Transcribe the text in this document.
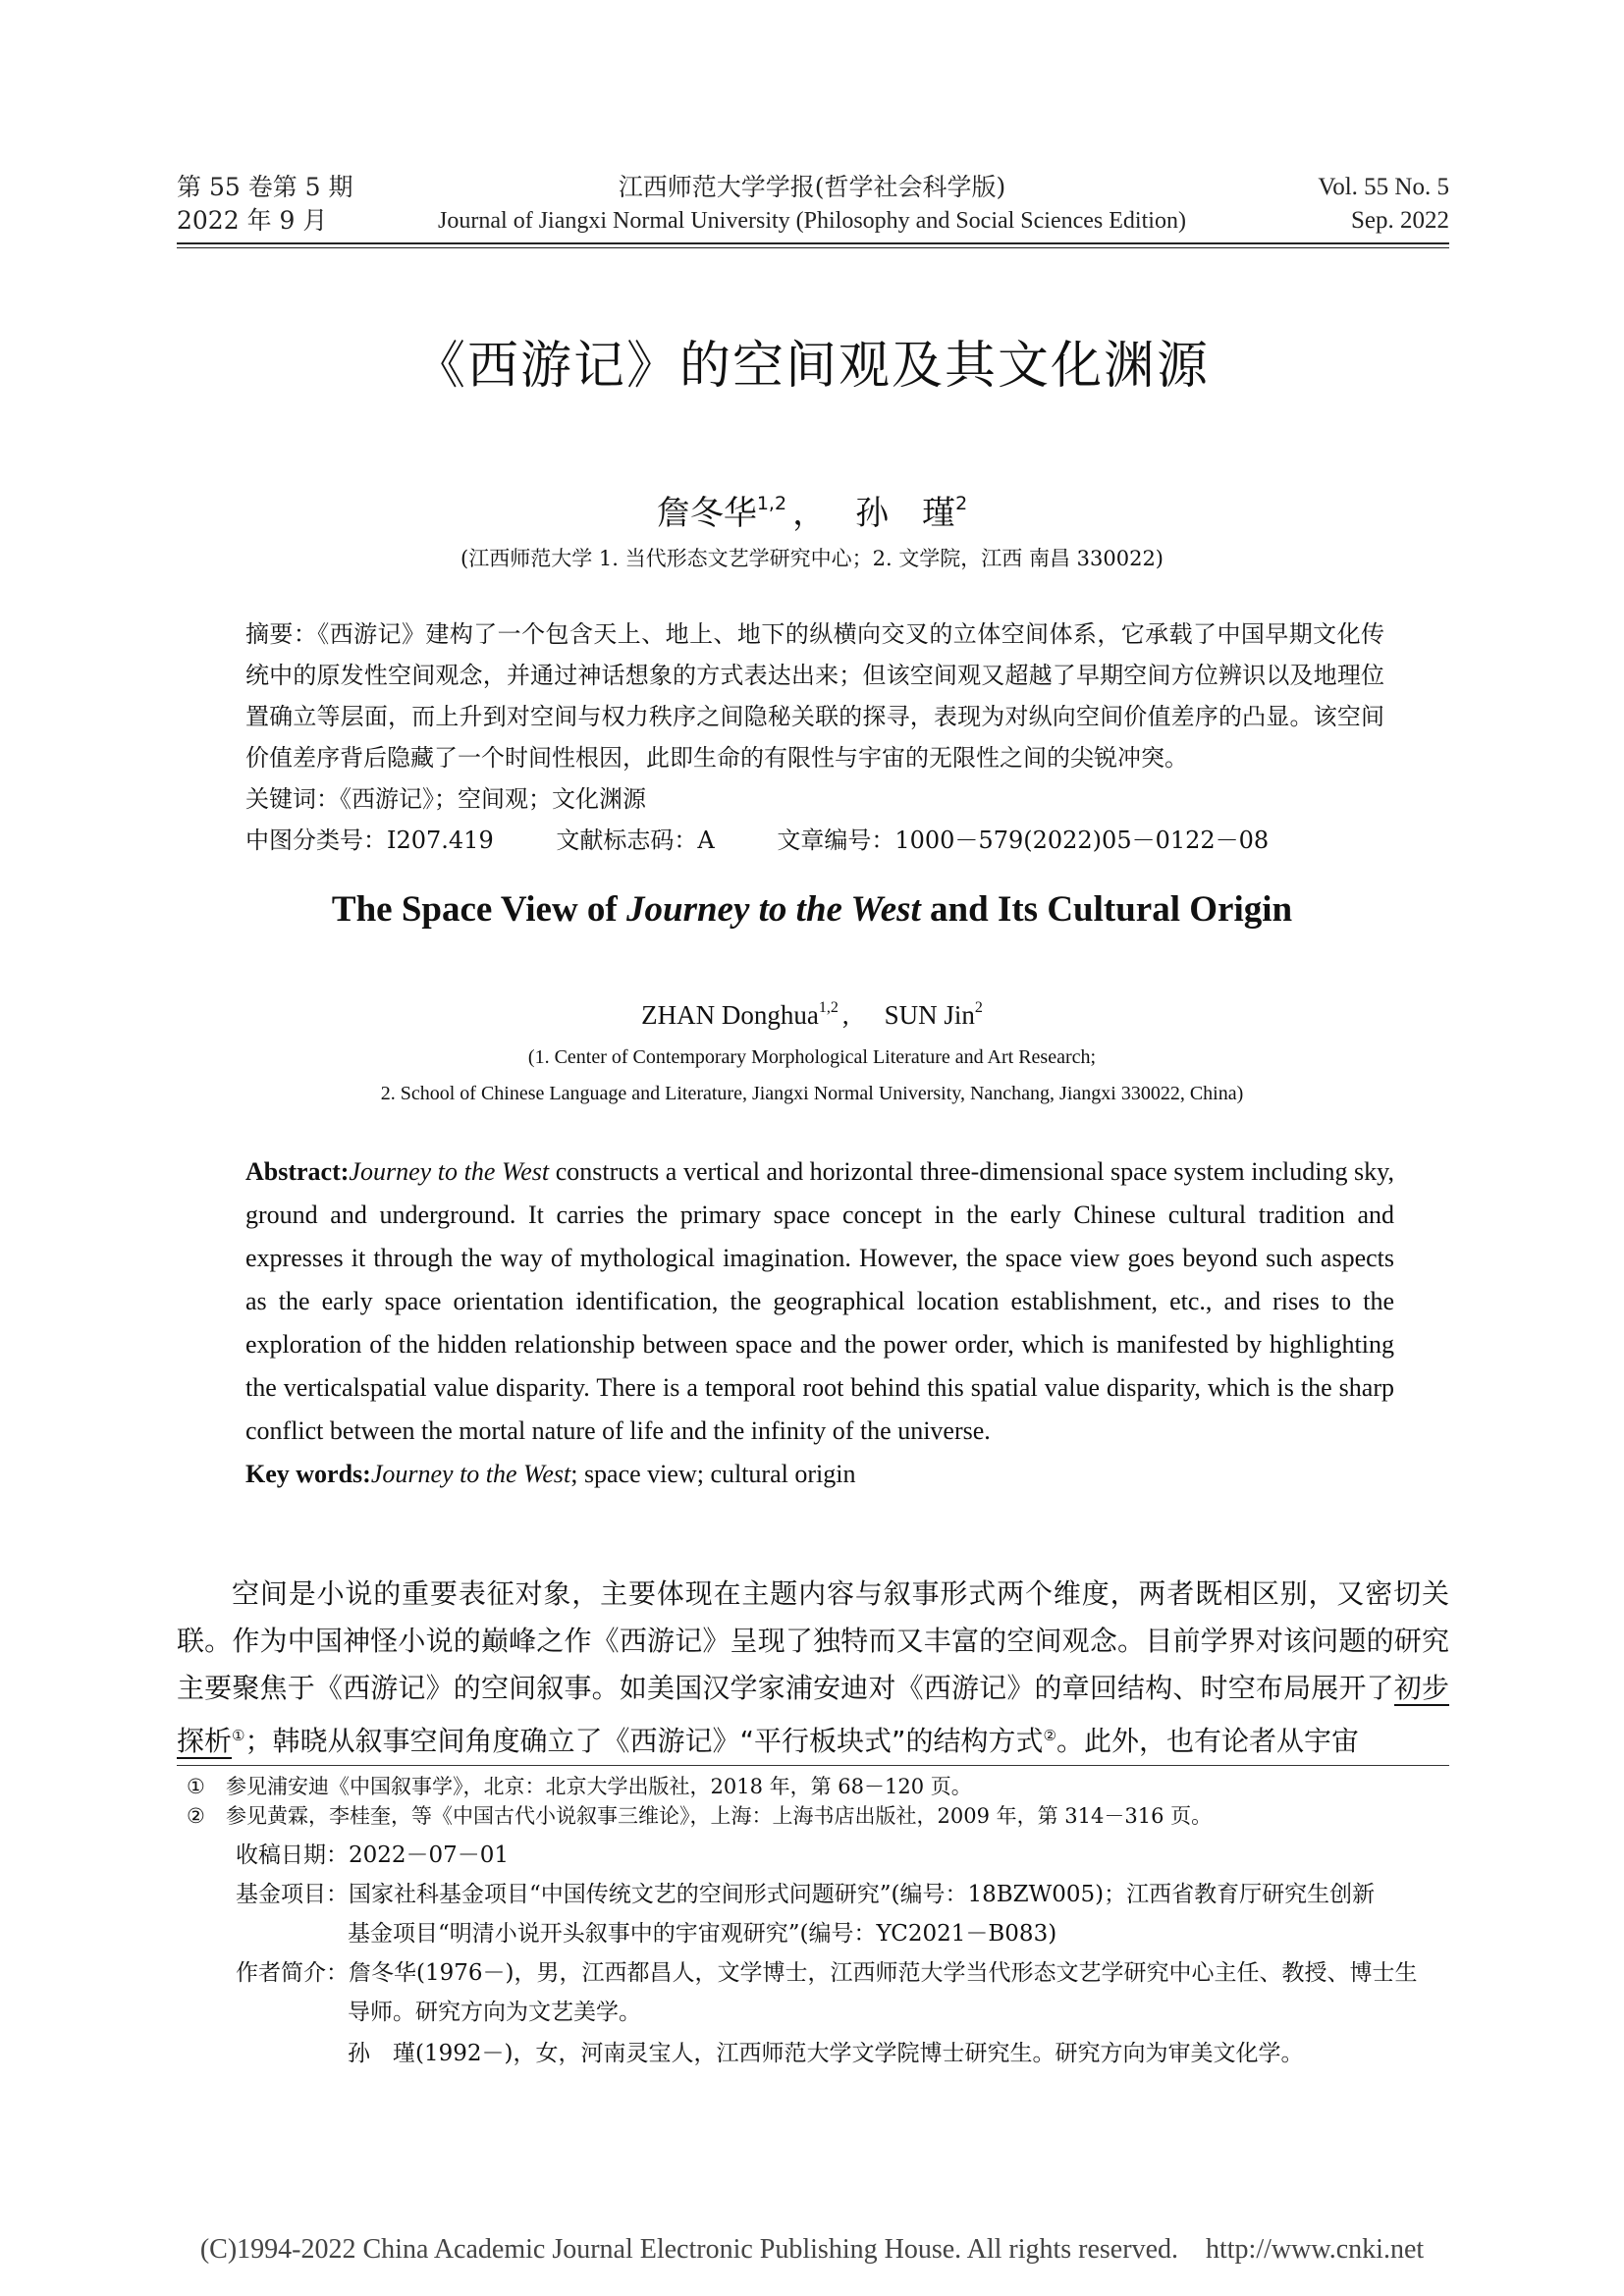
第 55 卷第 5 期
2022 年 9 月
江西师范大学学报(哲学社会科学版)
Journal of Jiangxi Normal University (Philosophy and Social Sciences Edition)
Vol. 55 No. 5
Sep. 2022
《西游记》的空间观及其文化渊源
詹冬华$^{1,2}$ ， 孙　瑾$^2$
(江西师范大学 1. 当代形态文艺学研究中心；2. 文学院，江西 南昌 330022)

摘要：《西游记》建构了一个包含天上、地上、地下的纵横向交叉的立体空间体系，它承载了中国早期文化传统中的原发性空间观念，并通过神话想象的方式表达出来；但该空间观又超越了早期空间方位辨识以及地理位置确立等层面，而上升到对空间与权力秩序之间隐秘关联的探寻，表现为对纵向空间价值差序的凸显。该空间价值差序背后隐藏了一个时间性根因，此即生命的有限性与宇宙的无限性之间的尖锐冲突。

关键词：《西游记》；空间观；文化渊源
中图分类号：I207.419	文献标志码：A	文章编号：1000－579(2022)05－0122－08
The Space View of Journey to the West and Its Cultural Origin
ZHAN Donghua$^{1,2}$ , SUN Jin$^2$
(1. Center of Contemporary Morphological Literature and Art Research;
2. School of Chinese Language and Literature, Jiangxi Normal University, Nanchang, Jiangxi 330022, China)

Abstract:Journey to the West constructs a vertical and horizontal three-dimensional space system including sky, ground and underground. It carries the primary space concept in the early Chinese cultural tradition and expresses it through the way of mythological imagination. However, the space view goes beyond such aspects as the early space orientation identification, the geographical location establishment, etc., and rises to the exploration of the hidden relationship between space and the power order, which is manifested by highlighting the verticalspatial value disparity. There is a temporal root behind this spatial value disparity, which is the sharp conflict between the mortal nature of life and the infinity of the universe.

Key words:Journey to the West; space view; cultural origin

空间是小说的重要表征对象，主要体现在主题内容与叙事形式两个维度，两者既相区别，又密切关联。作为中国神怪小说的巅峰之作《西游记》呈现了独特而又丰富的空间观念。目前学界对该问题的研究主要聚焦于《西游记》的空间叙事。如美国汉学家浦安迪对《西游记》的章回结构、时空布局展开了初步探析①；韩晓从叙事空间角度确立了《西游记》“平行板块式”的结构方式②。此外，也有论者从宇宙

① 参见浦安迪《中国叙事学》，北京：北京大学出版社，2018 年，第 68－120 页。
② 参见黄霖，李桂奎，等《中国古代小说叙事三维论》，上海：上海书店出版社，2009 年，第 314－316 页。
收稿日期：2022－07－01
基金项目：国家社科基金项目“中国传统文艺的空间形式问题研究”(编号：18BZW005)；江西省教育厅研究生创新
基金项目“明清小说开头叙事中的宇宙观研究”(编号：YC2021－B083)
作者简介：詹冬华(1976－)，男，江西都昌人，文学博士，江西师范大学当代形态文艺学研究中心主任、教授、博士生
导师。研究方向为文艺美学。
孙　瑾(1992－)，女，河南灵宝人，江西师范大学文学院博士研究生。研究方向为审美文化学。
(C)1994-2022 China Academic Journal Electronic Publishing House. All rights reserved.    http://www.cnki.net
